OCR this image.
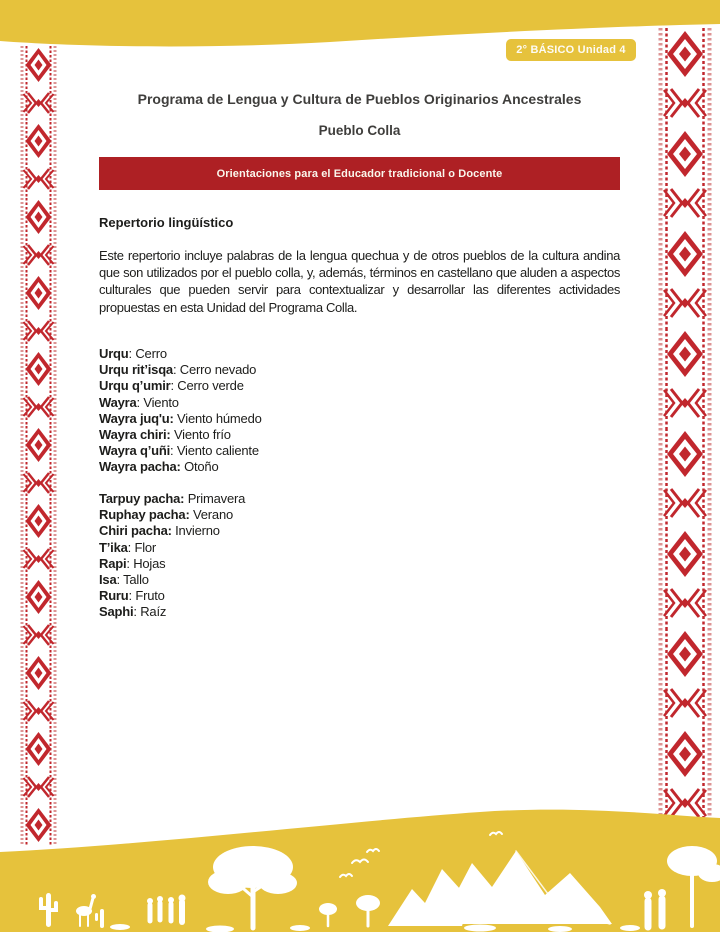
2° BÁSICO Unidad 4
Programa de Lengua y Cultura de Pueblos Originarios Ancestrales
Pueblo Colla
Orientaciones para el Educador tradicional o Docente
Repertorio lingüístico
Este repertorio incluye palabras de la lengua quechua y de otros pueblos de la cultura andina que son utilizados por el pueblo colla, y, además, términos en castellano que aluden a aspectos culturales que pueden servir para contextualizar y desarrollar las diferentes actividades propuestas en esta Unidad del Programa Colla.
Urqu: Cerro
Urqu rit’isqa: Cerro nevado
Urqu q’umir: Cerro verde
Wayra: Viento
Wayra juq'u: Viento húmedo
Wayra chiri: Viento frío
Wayra q’uñi: Viento caliente
Wayra pacha: Otoño
Tarpuy pacha: Primavera
Ruphay pacha: Verano
Chiri pacha: Invierno
T’ika: Flor
Rapi: Hojas
Isa: Tallo
Ruru: Fruto
Saphi: Raíz
